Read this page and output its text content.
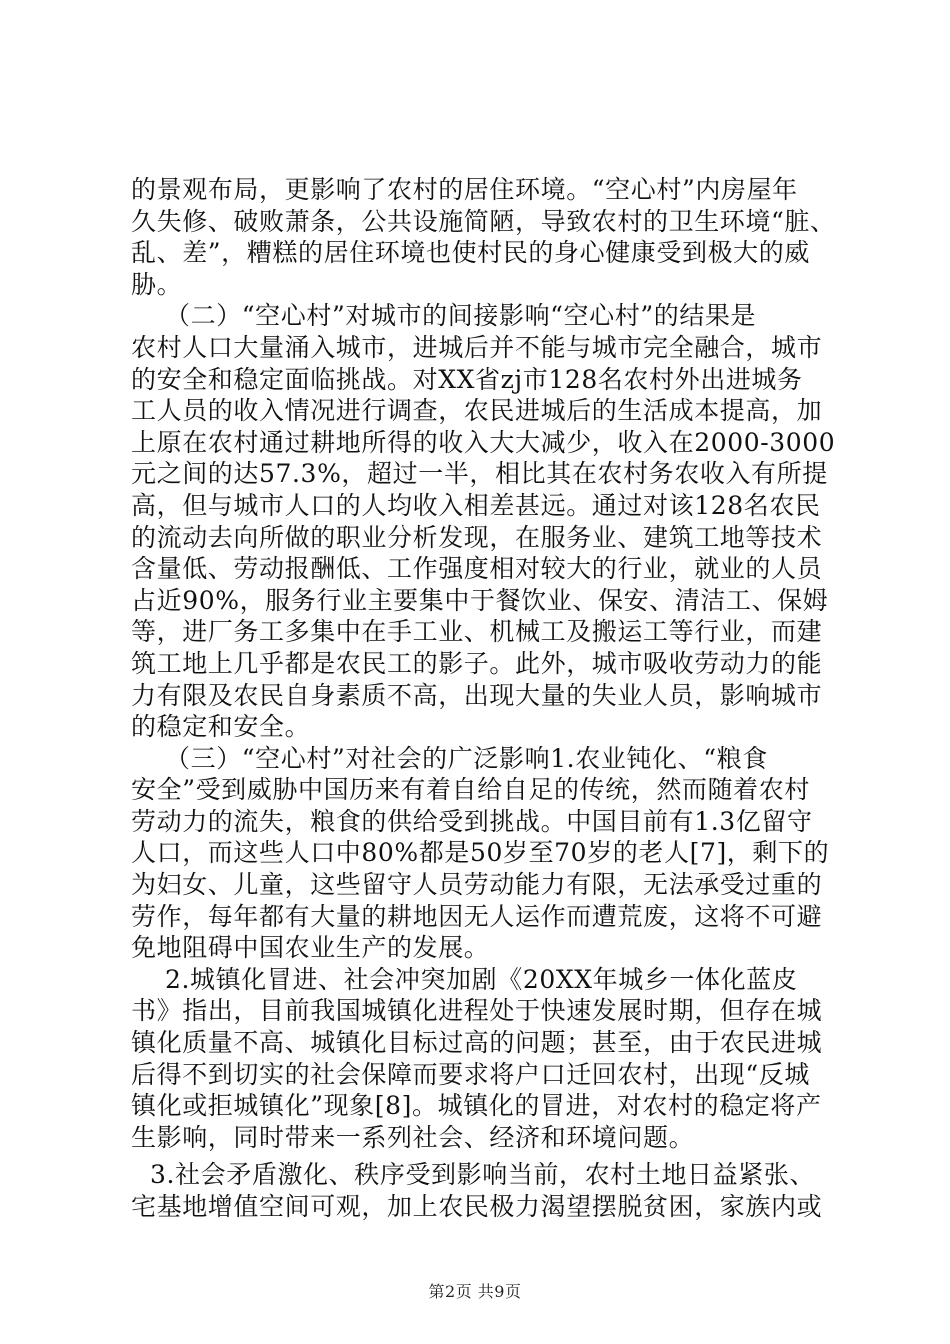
的景观布局，更影响了农村的居住环境。“空心村”内房屋年
久失修、破败萧条，公共设施简陋，导致农村的卫生环境“脏、
乱、差”，糟糕的居住环境也使村民的身心健康受到极大的威
胁。
（二）“空心村”对城市的间接影响“空心村”的结果是
农村人口大量涌入城市，进城后并不能与城市完全融合，城市
的安全和稳定面临挑战。对XX省zj市128名农村外出进城务
工人员的收入情况进行调查，农民进城后的生活成本提高，加
上原在农村通过耕地所得的收入大大减少，收入在2000-3000
元之间的达57.3%，超过一半，相比其在农村务农收入有所提
高，但与城市人口的人均收入相差甚远。通过对该128名农民
的流动去向所做的职业分析发现，在服务业、建筑工地等技术
含量低、劳动报酬低、工作强度相对较大的行业，就业的人员
占近90%，服务行业主要集中于餐饮业、保安、清洁工、保姆
等，进厂务工多集中在手工业、机械工及搬运工等行业，而建
筑工地上几乎都是农民工的影子。此外，城市吸收劳动力的能
力有限及农民自身素质不高，出现大量的失业人员，影响城市
的稳定和安全。
（三）“空心村”对社会的广泛影响1.农业钝化、“粮食
安全”受到威胁中国历来有着自给自足的传统，然而随着农村
劳动力的流失，粮食的供给受到挑战。中国目前有1.3亿留守
人口，而这些人口中80%都是50岁至70岁的老人[7]，剩下的
为妇女、儿童，这些留守人员劳动能力有限，无法承受过重的
劳作，每年都有大量的耕地因无人运作而遭荒废，这将不可避
免地阻碍中国农业生产的发展。
2.城镇化冒进、社会冲突加剧《20XX年城乡一体化蓝皮
书》指出，目前我国城镇化进程处于快速发展时期，但存在城
镇化质量不高、城镇化目标过高的问题；甚至，由于农民进城
后得不到切实的社会保障而要求将户口迁回农村，出现“反城
镇化或拒城镇化”现象[8]。城镇化的冒进，对农村的稳定将产
生影响，同时带来一系列社会、经济和环境问题。
3.社会矛盾激化、秩序受到影响当前，农村土地日益紧张、
宅基地增值空间可观，加上农民极力渴望摆脱贫困，家族内或
第2页 共9页
